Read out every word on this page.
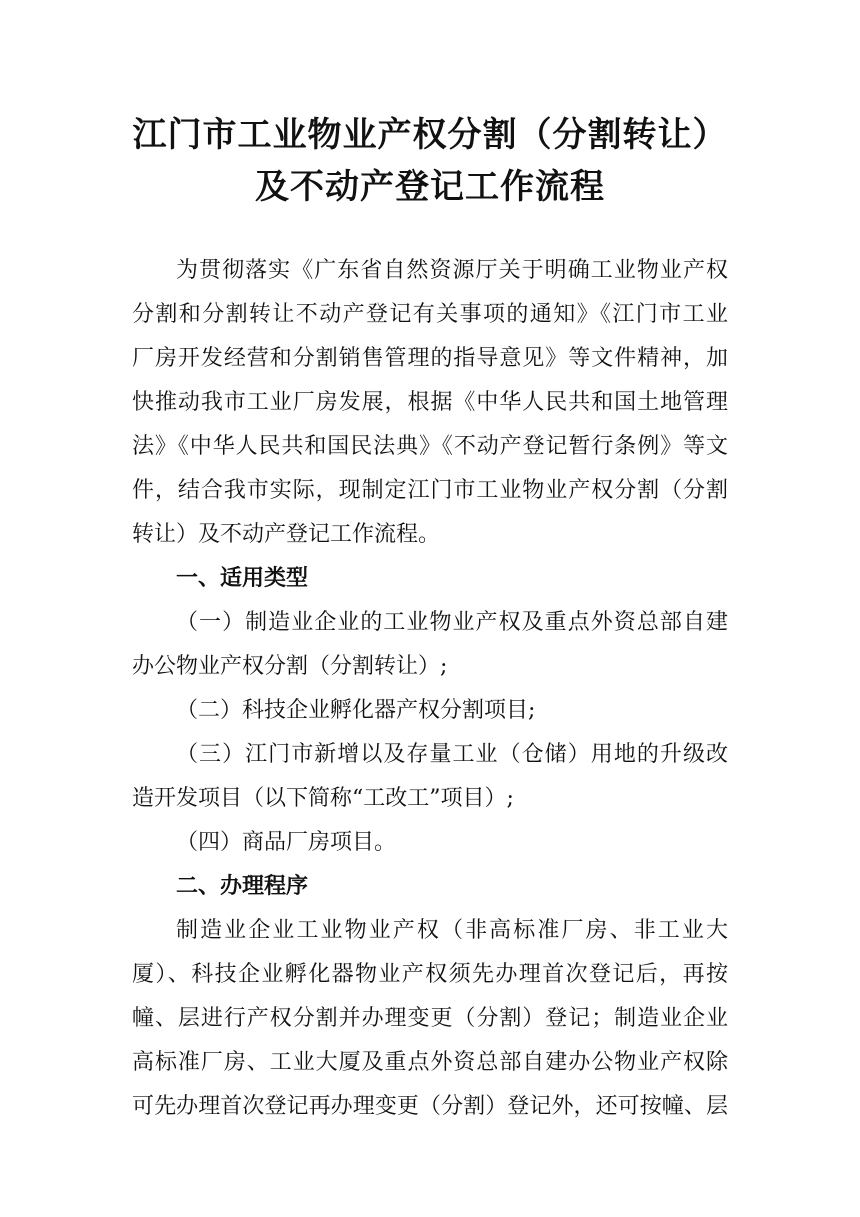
江门市工业物业产权分割（分割转让）
及不动产登记工作流程
为贯彻落实《广东省自然资源厅关于明确工业物业产权
分割和分割转让不动产登记有关事项的通知》《江门市工业
厂房开发经营和分割销售管理的指导意见》等文件精神，加
快推动我市工业厂房发展，根据《中华人民共和国土地管理
法》《中华人民共和国民法典》《不动产登记暂行条例》等文
件，结合我市实际，现制定江门市工业物业产权分割（分割
转让）及不动产登记工作流程。
一、适用类型
（一）制造业企业的工业物业产权及重点外资总部自建
办公物业产权分割（分割转让）;
（二）科技企业孵化器产权分割项目;
（三）江门市新增以及存量工业（仓储）用地的升级改
造开发项目（以下简称“工改工”项目）;
（四）商品厂房项目。
二、办理程序
制造业企业工业物业产权（非高标准厂房、非工业大
厦）、科技企业孵化器物业产权须先办理首次登记后，再按
幢、层进行产权分割并办理变更（分割）登记；制造业企业
高标准厂房、工业大厦及重点外资总部自建办公物业产权除
可先办理首次登记再办理变更（分割）登记外，还可按幢、层
